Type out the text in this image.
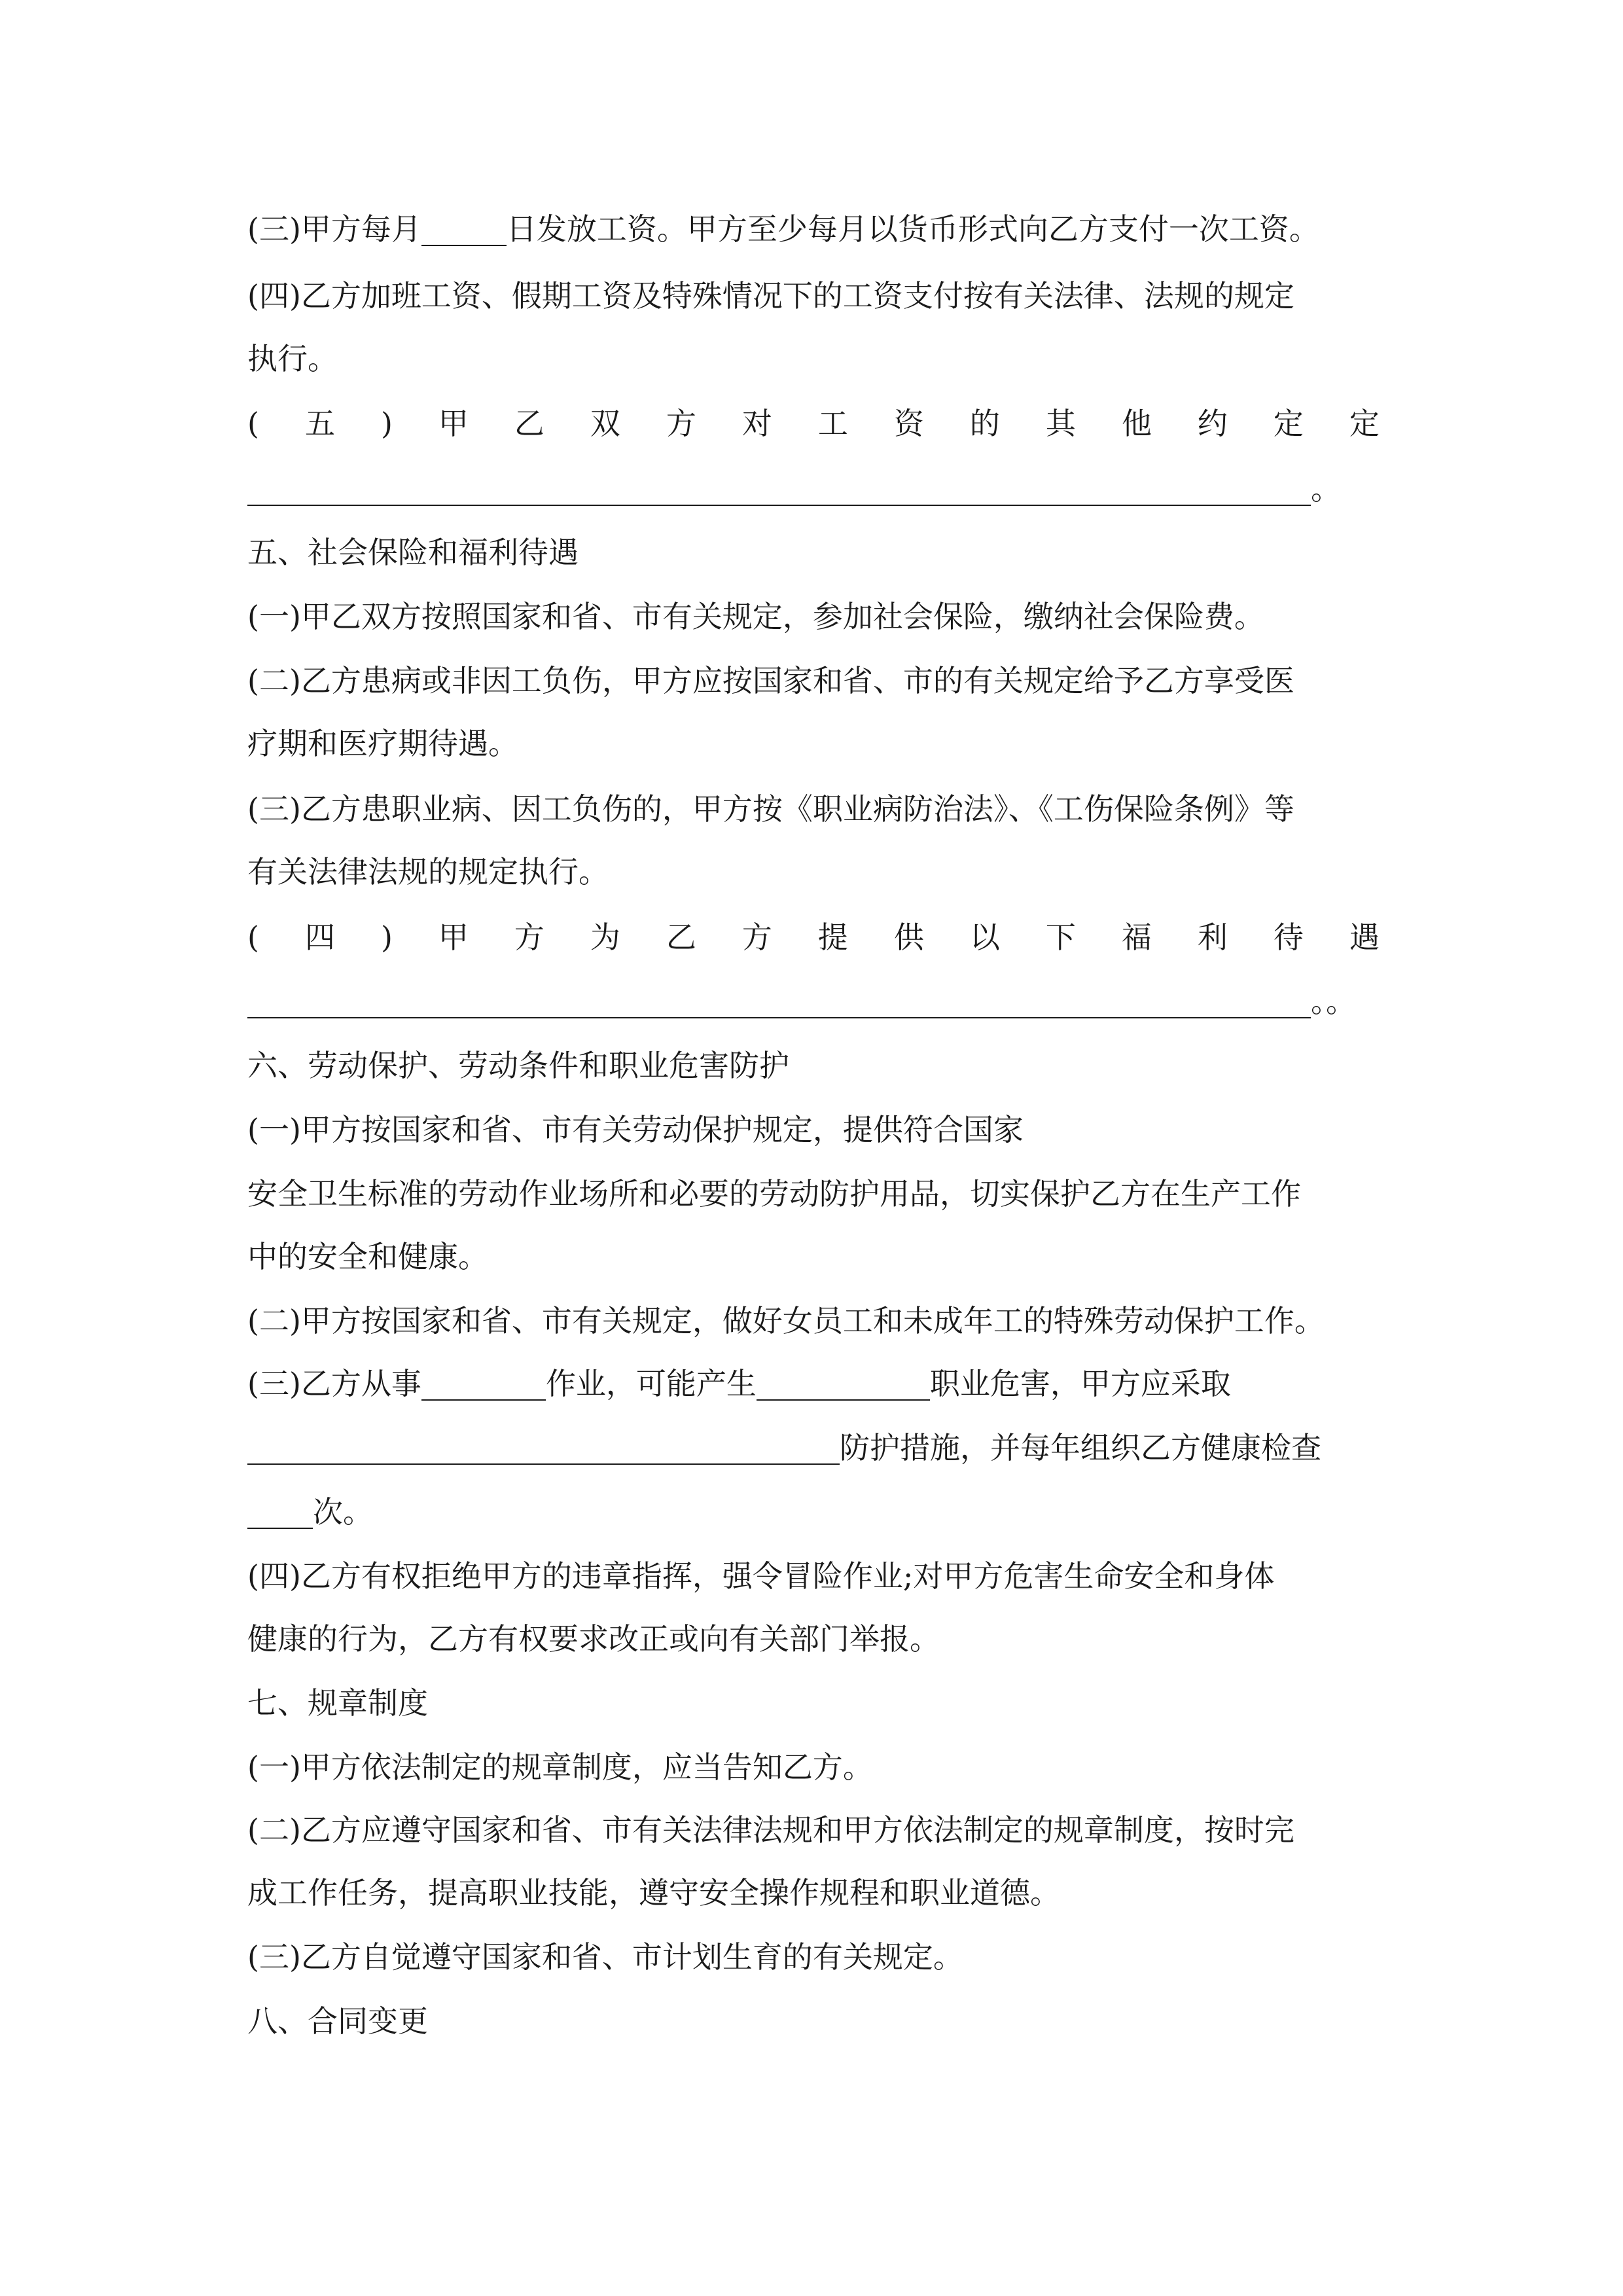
(三)甲方每月	日发放工资。甲方至少每月以货币形式向乙方支付一次工资。
(四)乙方加班工资、假期工资及特殊情况下的工资支付按有关法律、法规的规定
执行。
( 五 ) 甲 乙 双 方 对 工 资 的 其 他 约 定 定
。
五、社会保险和福利待遇
(一)甲乙双方按照国家和省、市有关规定，参加社会保险，缴纳社会保险费。
(二)乙方患病或非因工负伤，甲方应按国家和省、市的有关规定给予乙方享受医
疗期和医疗期待遇。
(三)乙方患职业病、因工负伤的，甲方按《职业病防治法》、《工伤保险条例》等
有关法律法规的规定执行。
( 四 ) 甲 方 为 乙 方 提 供 以 下 福 利 待 遇
。。
六、劳动保护、劳动条件和职业危害防护
(一)甲方按国家和省、市有关劳动保护规定，提供符合国家
安全卫生标准的劳动作业场所和必要的劳动防护用品，切实保护乙方在生产工作
中的安全和健康。
(二)甲方按国家和省、市有关规定，做好女员工和未成年工的特殊劳动保护工作。
(三)乙方从事	作业，可能产生	职业危害，甲方应采取
防护措施，并每年组织乙方健康检查
次。
(四)乙方有权拒绝甲方的违章指挥，强令冒险作业;对甲方危害生命安全和身体
健康的行为，乙方有权要求改正或向有关部门举报。
七、规章制度
(一)甲方依法制定的规章制度，应当告知乙方。
(二)乙方应遵守国家和省、市有关法律法规和甲方依法制定的规章制度，按时完
成工作任务，提高职业技能，遵守安全操作规程和职业道德。
(三)乙方自觉遵守国家和省、市计划生育的有关规定。
八、合同变更
